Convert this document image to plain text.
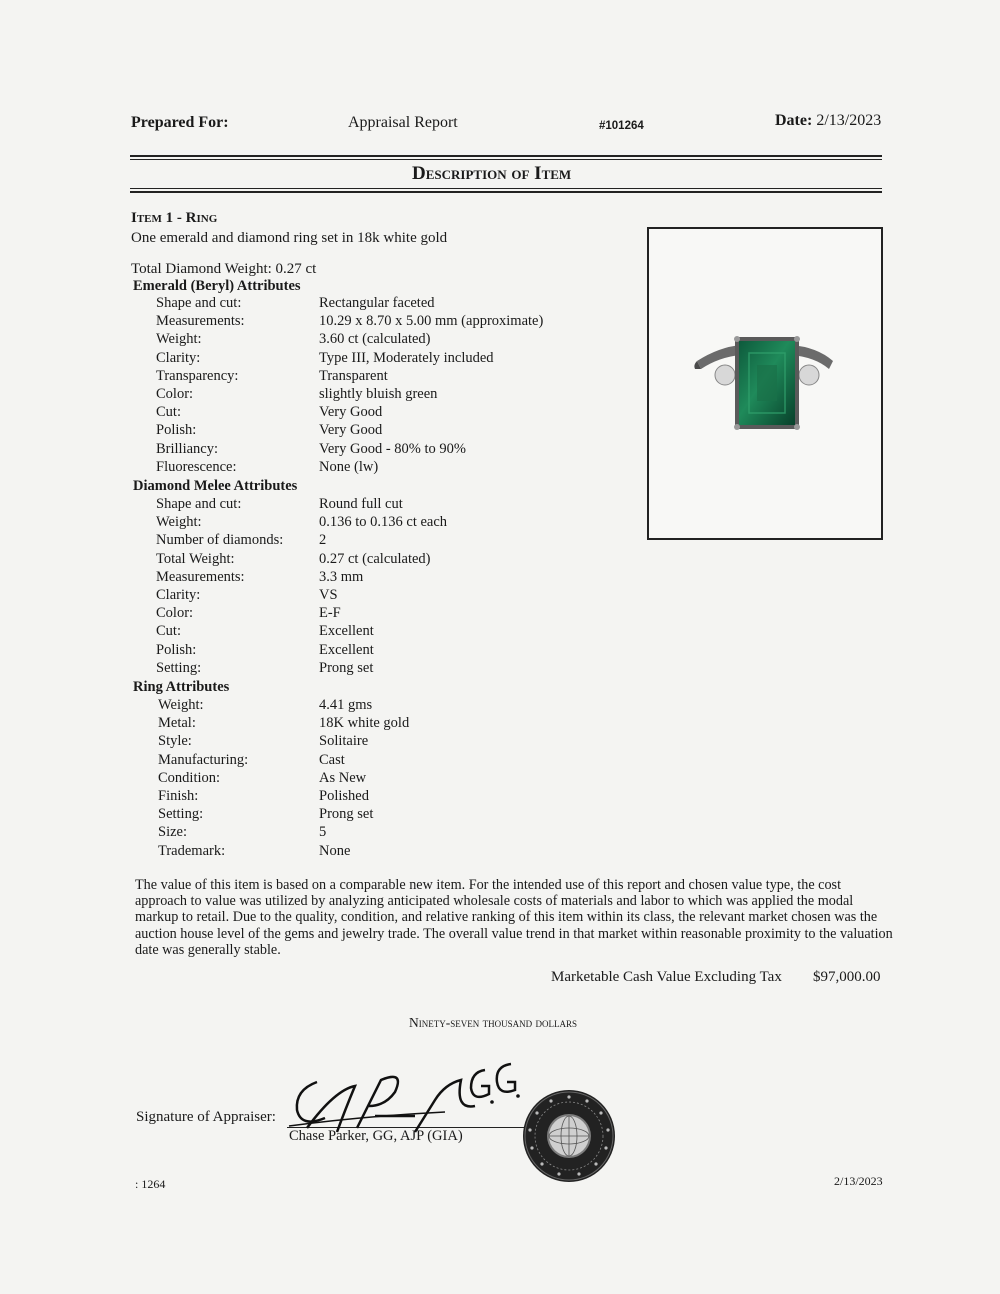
Prepared For:	Appraisal Report	#101264	Date: 2/13/2023
Description of Item
Item 1 - Ring
One emerald and diamond ring set in 18k white gold
Total Diamond Weight: 0.27 ct
Emerald (Beryl) Attributes
Shape and cut:	Rectangular faceted
Measurements:	10.29 x 8.70 x 5.00 mm (approximate)
Weight:	3.60 ct (calculated)
Clarity:	Type III, Moderately included
Transparency:	Transparent
Color:	slightly bluish green
Cut:	Very Good
Polish:	Very Good
Brilliancy:	Very Good - 80% to 90%
Fluorescence:	None (lw)
Diamond Melee Attributes
Shape and cut:	Round full cut
Weight:	0.136 to 0.136 ct each
Number of diamonds: 2
Total Weight:	0.27 ct (calculated)
Measurements:	3.3 mm
Clarity:	VS
Color:	E-F
Cut:	Excellent
Polish:	Excellent
Setting:	Prong set
Ring Attributes
Weight:	4.41 gms
Metal:	18K white gold
Style:	Solitaire
Manufacturing:	Cast
Condition:	As New
Finish:	Polished
Setting:	Prong set
Size:	5
Trademark:	None
The value of this item is based on a comparable new item. For the intended use of this report and chosen value type, the cost approach to value was utilized by analyzing anticipated wholesale costs of materials and labor to which was applied the modal markup to retail. Due to the quality, condition, and relative ranking of this item within its class, the relevant market chosen was the auction house level of the gems and jewelry trade. The overall value trend in that market within reasonable proximity to the valuation date was generally stable.
Marketable Cash Value Excluding Tax $97,000.00
Ninety-seven thousand dollars
Signature of Appraiser:
Chase Parker, GG, AJP (GIA)
: 1264	2/13/2023
